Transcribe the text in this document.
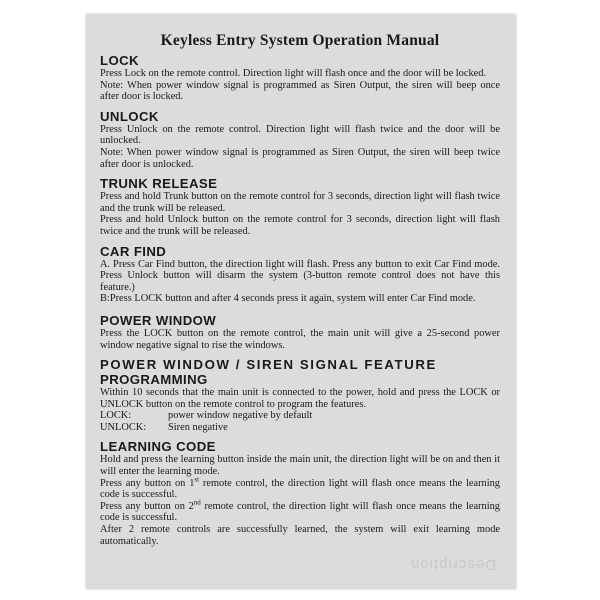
Keyless Entry System Operation Manual
LOCK

Press Lock on the remote control. Direction light will flash once and the door will be locked.

Note: When power window signal is programmed as Siren Output, the siren will beep once after door is locked.

UNLOCK

Press Unlock on the remote control. Direction light will flash twice and the door will be unlocked.

Note: When power window signal is programmed as Siren Output, the siren will beep twice after door is unlocked.

TRUNK RELEASE

Press and hold Trunk button on the remote control for 3 seconds, direction light will flash twice and the trunk will be released.

Press and hold Unlock button on the remote control for 3 seconds, direction light will flash twice and the trunk will be released.

CAR FIND

A. Press Car Find button, the direction light will flash. Press any button to exit Car Find mode. Press Unlock button will disarm the system (3-button remote control does not have this feature.)

B:Press LOCK button and after 4 seconds press it again, system will enter Car Find mode.

POWER WINDOW

Press the LOCK button on the remote control, the main unit will give a 25-second power window negative signal to rise the windows.

POWER WINDOW / SIREN SIGNAL FEATURE
PROGRAMMING

Within 10 seconds that the main unit is connected to the power, hold and press the LOCK or UNLOCK button on the remote control to program the features.

LOCK:	power window negative by default
UNLOCK:	Siren negative
LEARNING CODE

Hold and press the learning button inside the main unit, the direction light will be on and then it will enter the learning mode.

Press any button on 1st remote control, the direction light will flash once means the learning code is successful.

Press any button on 2nd remote control, the direction light will flash once means the learning code is successful.

After 2 remote controls are successfully learned, the system will exit learning mode automatically.

Description
